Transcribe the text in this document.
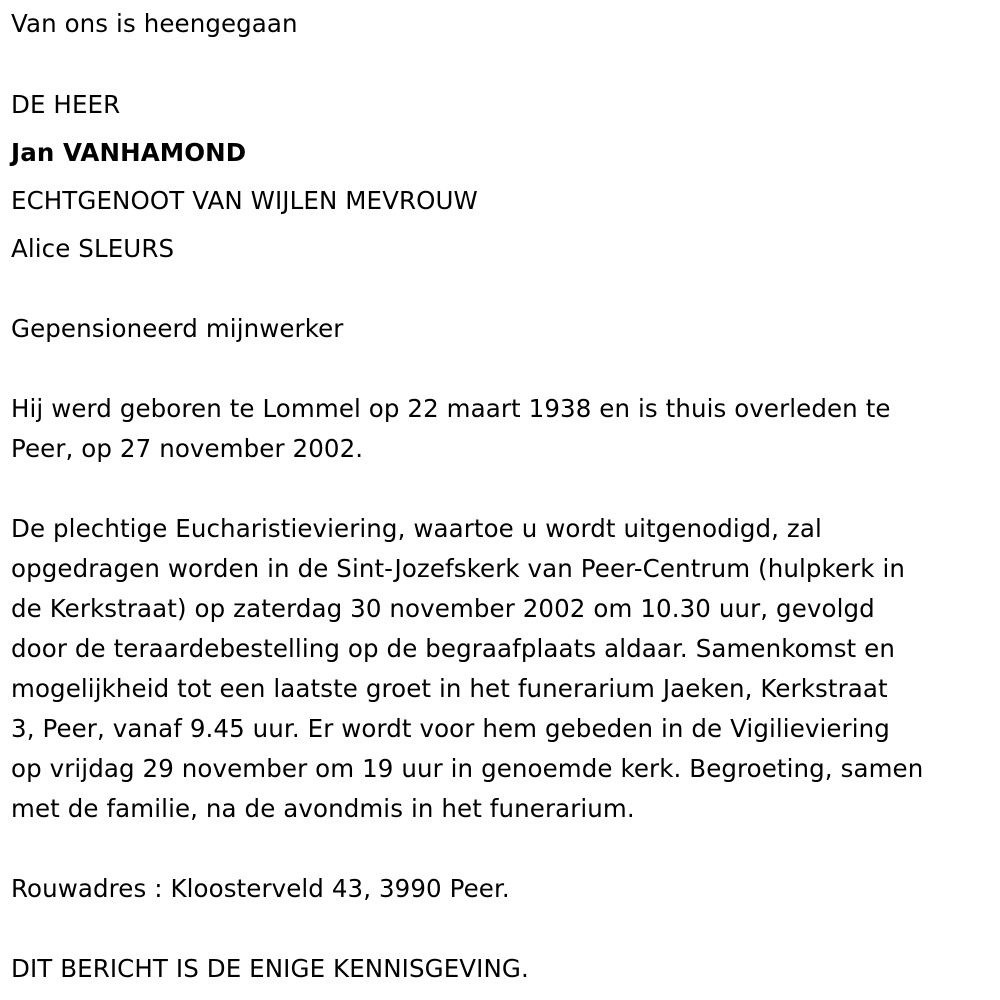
Van ons is heengegaan
DE HEER
Jan VANHAMOND
ECHTGENOOT VAN WIJLEN MEVROUW
Alice SLEURS
Gepensioneerd mijnwerker
Hij werd geboren te Lommel op 22 maart 1938 en is thuis overleden te
Peer, op 27 november 2002.
De plechtige Eucharistieviering, waartoe u wordt uitgenodigd, zal
opgedragen worden in de Sint-Jozefskerk van Peer-Centrum (hulpkerk in
de Kerkstraat) op zaterdag 30 november 2002 om 10.30 uur, gevolgd
door de teraardebestelling op de begraafplaats aldaar. Samenkomst en
mogelijkheid tot een laatste groet in het funerarium Jaeken, Kerkstraat
3, Peer, vanaf 9.45 uur. Er wordt voor hem gebeden in de Vigilieviering
op vrijdag 29 november om 19 uur in genoemde kerk. Begroeting, samen
met de familie, na de avondmis in het funerarium.
Rouwadres : Kloosterveld 43, 3990 Peer.
DIT BERICHT IS DE ENIGE KENNISGEVING.
